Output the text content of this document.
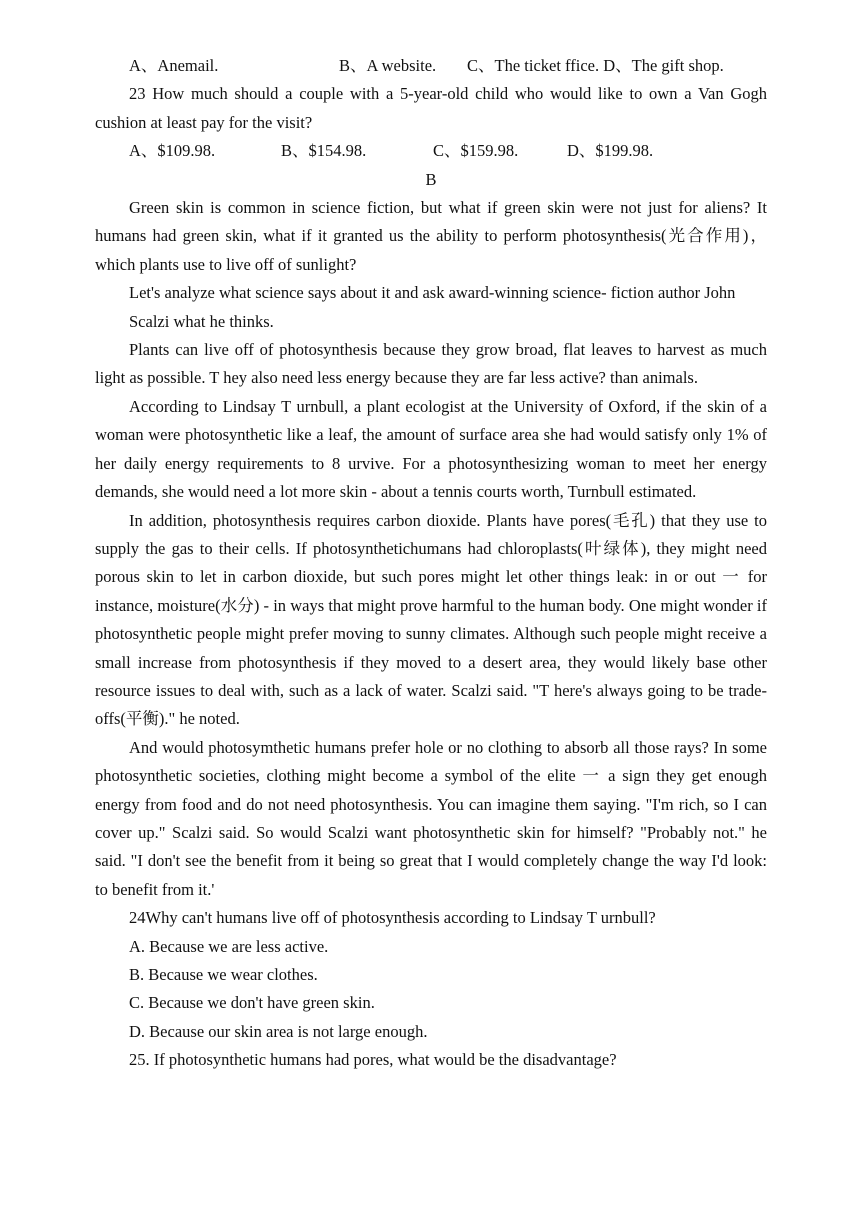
A、Anemail.	B、A website.	C、The ticket ffice. D、The gift shop.

23 How much should a couple with a 5-year-old child who would like to own a Van Gogh cushion at least pay for the visit?

A、$109.98.	B、$154.98.	C、$159.98.	D、$199.98.
B

Green skin is common in science fiction, but what if green skin were not just for aliens? It humans had green skin, what if it granted us the ability to perform photosynthesis(光合作用)，which plants use to live off of sunlight?

Let's analyze what science says about it and ask award-winning science- fiction author John

Scalzi what he thinks.

Plants can live off of photosynthesis because they grow broad, flat leaves to harvest as much light as possible. T hey also need less energy because they are far less active? than animals.

According to Lindsay T urnbull, a plant ecologist at the University of Oxford, if the skin of a woman were photosynthetic like a leaf, the amount of surface area she had would satisfy only 1% of her daily energy requirements to 8 urvive. For a photosynthesizing woman to meet her energy demands, she would need a lot more skin - about a tennis courts worth, Turnbull estimated.

In addition, photosynthesis requires carbon dioxide. Plants have pores(毛孔) that they use to supply the gas to their cells. If photosynthetichumans had chloroplasts(叶绿体), they might need porous skin to let in carbon dioxide, but such pores might let other things leak: in or out 一 for instance, moisture(水分) - in ways that might prove harmful to the human body. One might wonder if photosynthetic people might prefer moving to sunny climates. Although such people might receive a small increase from photosynthesis if they moved to a desert area, they would likely base other resource issues to deal with, such as a lack of water. Scalzi said. "T here's always going to be trade-offs(平衡)." he noted.

And would photosymthetic humans prefer hole or no clothing to absorb all those rays? In some photosynthetic societies, clothing might become a symbol of the elite 一 a sign they get enough energy from food and do not need photosynthesis. You can imagine them saying. "I'm rich, so I can cover up." Scalzi said. So would Scalzi want photosynthetic skin for himself? "Probably not." he said. "I don't see the benefit from it being so great that I would completely change the way I'd look: to benefit from it.'

24Why can't humans live off of photosynthesis according to Lindsay T urnbull?
A. Because we are less active.
B. Because we wear clothes.
C. Because we don't have green skin.
D. Because our skin area is not large enough.
25. If photosynthetic humans had pores, what would be the disadvantage?
